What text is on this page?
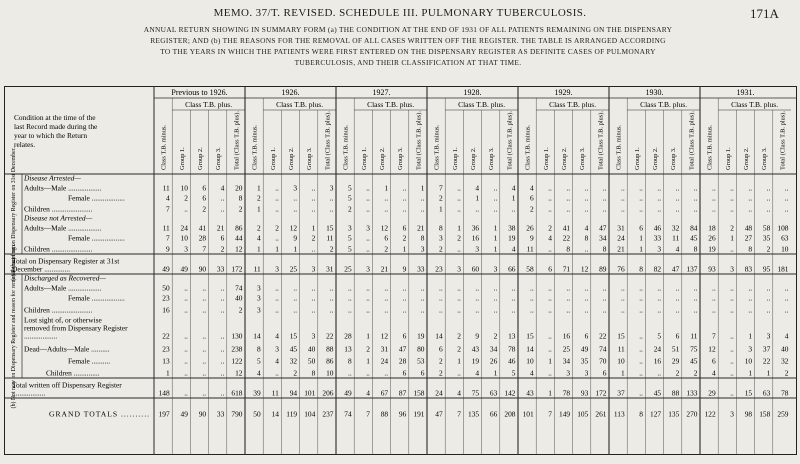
MEMO. 37/T. REVISED. SCHEDULE III. PULMONARY TUBERCULOSIS.	171A
ANNUAL RETURN SHOWING IN SUMMARY FORM (a) THE CONDITION AT THE END OF 1931 OF ALL PATIENTS REMAINING ON THE DISPENSARY
REGISTER; AND (b) THE REASONS FOR THE REMOVAL OF ALL CASES WRITTEN OFF THE REGISTER. THE TABLE IS ARRANGED ACCORDING
TO THE YEARS IN WHICH THE PATIENTS WERE FIRST ENTERED ON THE DISPENSARY REGISTER AS DEFINITE CASES OF PULMONARY
TUBERCULOSIS, AND THEIR CLASSIFICATION AT THAT TIME.
Condition at the time of the
last Record made during the
year to which the Return
relates.
Previous to 1926.
Class T.B. plus.
Class T.B. minus. Group 1. Group 2. Group 3. Total (Class T.B. plus).
1926.
Class T.B. plus.
Class T.B. minus. Group 1. Group 2. Group 3. Total (Class T.B. plus).
1927.
Class T.B. plus.
Class T.B. minus. Group 1. Group 2. Group 3. Total (Class T.B. plus).
1928.
Class T.B. plus.
Class T.B. minus. Group 1. Group 2. Group 3. Total (Class T.B. plus).
1929.
Class T.B. plus.
Class T.B. minus. Group 1. Group 2. Group 3. Total (Class T.B. plus).
1930.
Class T.B. plus.
Class T.B. minus. Group 1. Group 2. Group 3. Total (Class T.B. plus).
1931.
Class T.B. plus.
Class T.B. minus. Group 1. Group 2. Group 3. Total (Class T.B. plus).
(a) Remaining on Dispensary Register on 31st December.
(b) Not now on Dispensary Register and reason for removal therefrom.
Disease Arrested—
Adults—Male ..................	11 10 6 4 20 1 .. 3 .. 3 5 .. 1 .. 1 7 .. 4 .. 4 4 .. .. .. .. .. .. .. .. .. .. .. .. .. ..
Female ..................	4 2 6 .. 8 2 .. .. .. .. 5 .. .. .. .. 2 .. 1 .. 1 6 .. .. .. .. .. .. .. .. .. .. .. .. .. ..
Children ......................	7 .. 2 .. 2 1 .. .. .. .. 2 .. .. .. .. 1 .. .. .. .. 2 .. .. .. .. .. .. .. .. .. .. .. .. .. ..
Disease not Arrested—
Adults—Male ..................	11 24 41 21 86 2 2 12 1 15 3 3 12 6 21 8 1 36 1 38 26 2 41 4 47 31 6 46 32 84 18 2 48 58 108
Female ..................	7 10 28 6 44 4 .. 9 2 11 5 .. 6 2 8 3 2 16 1 19 9 4 22 8 34 24 1 33 11 45 26 1 27 35 63
Children ......................	9 3 7 2 12 1 1 1 .. 2 5 .. 2 1 3 2 .. 3 1 4 11 .. 8 .. 8 21 1 3 4 8 19 .. 8 2 10
Total on Dispensary Register at 31st
December ..............	49 49 90 33 172 11 3 25 3 31 25 3 21 9 33 23 3 60 3 66 58 6 71 12 89 76 8 82 47 137 93 3 83 95 181
Discharged as Recovered—
Adults—Male ..................	50 .. .. .. 74 3 .. .. .. .. .. .. .. .. .. .. .. .. .. .. .. .. .. .. .. .. .. .. .. .. .. .. .. .. ..
Female ..................	23 .. .. .. 40 3 .. .. .. .. .. .. .. .. .. .. .. .. .. .. .. .. .. .. .. .. .. .. .. .. .. .. .. .. ..
Children ......................	16 .. .. .. 2 3 .. .. .. .. .. .. .. .. .. .. .. .. .. .. .. .. .. .. .. .. .. .. .. .. .. .. .. .. ..
Lost sight of, or otherwise
removed from Dispensary Register
..................	22 .. .. .. 130 14 4 15 3 22 28 1 12 6 19 14 2 9 2 13 15 .. 16 6 22 15 .. 5 6 11 7 .. 1 3 4
Dead—Adults—Male ..........	23 .. .. .. 238 8 3 45 40 88 13 2 31 47 80 6 2 43 34 78 14 .. 25 49 74 11 .. 24 51 75 12 .. 3 37 40
Female ..........	13 .. .. .. 122 5 4 32 50 86 8 1 24 28 53 2 1 19 26 46 10 1 34 35 70 10 .. 16 29 45 6 .. 10 22 32
Children ..............	1 .. .. .. 12 4 .. 2 8 10 .. .. .. 6 6 2 .. 4 1 5 4 .. 3 3 6 1 .. .. 2 2 4 .. 1 1 2
Total written off Dispensary Register
..................	148 .. .. .. 618 39 11 94 101 206 49 4 67 87 158 24 4 75 63 142 43 1 78 93 172 37 .. 45 88 133 29 .. 15 63 78
GRAND TOTALS .......... 197 49 90 33 790 50 14 119 104 237 74 7 88 96 191 47 7 135 66 208 101 7 149 105 261 113 8 127 135 270 122 3 98 158 259
